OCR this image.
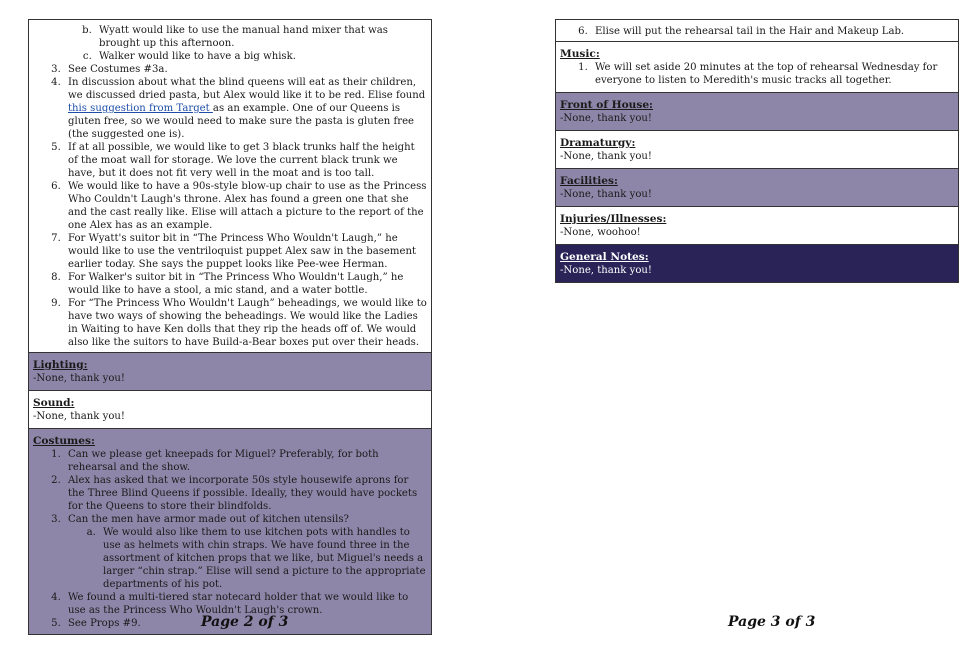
b. Wyatt would like to use the manual hand mixer that was brought up this afternoon.
c. Walker would like to have a big whisk.
3. See Costumes #3a.
4. In discussion about what the blind queens will eat as their children, we discussed dried pasta, but Alex would like it to be red. Elise found this suggestion from Target as an example. One of our Queens is gluten free, so we would need to make sure the pasta is gluten free (the suggested one is).
5. If at all possible, we would like to get 3 black trunks half the height of the moat wall for storage. We love the current black trunk we have, but it does not fit very well in the moat and is too tall.
6. We would like to have a 90s-style blow-up chair to use as the Princess Who Couldn't Laugh's throne. Alex has found a green one that she and the cast really like. Elise will attach a picture to the report of the one Alex has as an example.
7. For Wyatt's suitor bit in “The Princess Who Wouldn't Laugh,” he would like to use the ventriloquist puppet Alex saw in the basement earlier today. She says the puppet looks like Pee-wee Herman.
8. For Walker's suitor bit in “The Princess Who Wouldn't Laugh,” he would like to have a stool, a mic stand, and a water bottle.
9. For “The Princess Who Wouldn't Laugh” beheadings, we would like to have two ways of showing the beheadings. We would like the Ladies in Waiting to have Ken dolls that they rip the heads off of. We would also like the suitors to have Build-a-Bear boxes put over their heads.
Lighting:
-None, thank you!
Sound:
-None, thank you!
Costumes:
1. Can we please get kneepads for Miguel? Preferably, for both rehearsal and the show.
2. Alex has asked that we incorporate 50s style housewife aprons for the Three Blind Queens if possible. Ideally, they would have pockets for the Queens to store their blindfolds.
3. Can the men have armor made out of kitchen utensils?
a. We would also like them to use kitchen pots with handles to use as helmets with chin straps. We have found three in the assortment of kitchen props that we like, but Miguel's needs a larger “chin strap.” Elise will send a picture to the appropriate departments of his pot.
4. We found a multi-tiered star notecard holder that we would like to use as the Princess Who Wouldn't Laugh's crown.
5. See Props #9.	Page 2 of 3
6. Elise will put the rehearsal tail in the Hair and Makeup Lab.
Music:
1. We will set aside 20 minutes at the top of rehearsal Wednesday for everyone to listen to Meredith's music tracks all together.
Front of House:
-None, thank you!
Dramaturgy:
-None, thank you!
Facilities:
-None, thank you!
Injuries/Illnesses:
-None, woohoo!
General Notes:
-None, thank you!
Page 3 of 3
